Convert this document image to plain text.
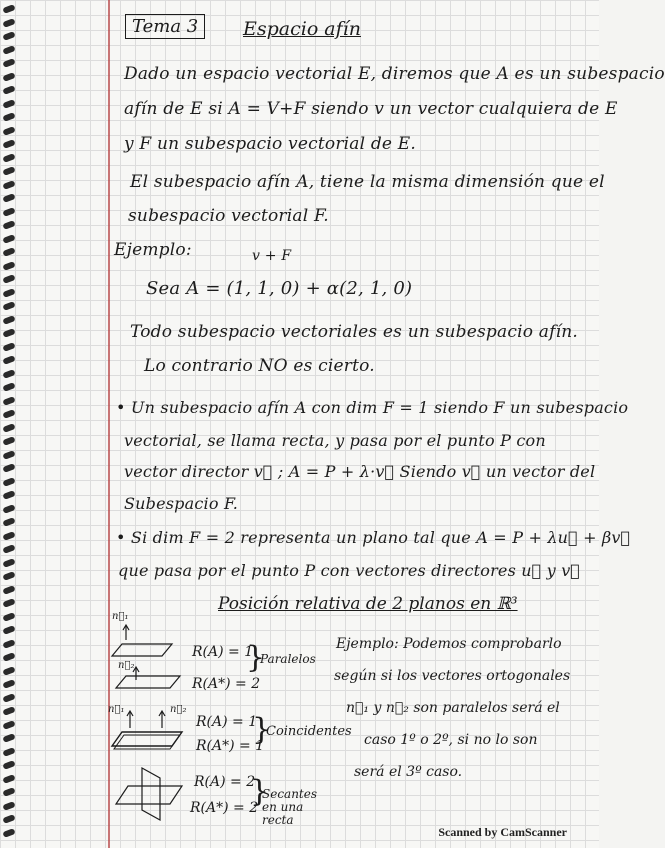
Tema 3	Espacio afín
Dado un espacio vectorial E, diremos que A es un subespacio
afín de E si A = V+F siendo v un vector cualquiera de E
y F un subespacio vectorial de E.
El subespacio afín A, tiene la misma dimensión que el
subespacio vectorial F.
Ejemplo:	v + F
Sea A = (1, 1, 0) + α(2, 1, 0)
Todo subespacio vectoriales es un subespacio afín.
Lo contrario NO es cierto.
• Un subespacio afín A con dim F = 1 siendo F un subespacio
vectorial, se llama recta, y pasa por el punto P con
vector director v⃗ ; A = P + λ·v⃗ Siendo v⃗ un vector del
Subespacio F.
• Si dim F = 2 representa un plano tal que A = P + λu⃗ + βv⃗
que pasa por el punto P con vectores directores u⃗ y v⃗
Posición relativa de 2 planos en ℝ³
n⃗₁
n⃗₂
R(A) = 1
R(A*) = 2
}
Paralelos
n⃗₁	n⃗₂
R(A) = 1
R(A*) = 1
}
Coincidentes
R(A) = 2
R(A*) = 2
}
Secantes en una recta
Ejemplo: Podemos comprobarlo
según si los vectores ortogonales
n⃗₁ y n⃗₂ son paralelos será el
caso 1º o 2º, si no lo son
será el 3º caso.
Scanned by CamScanner
